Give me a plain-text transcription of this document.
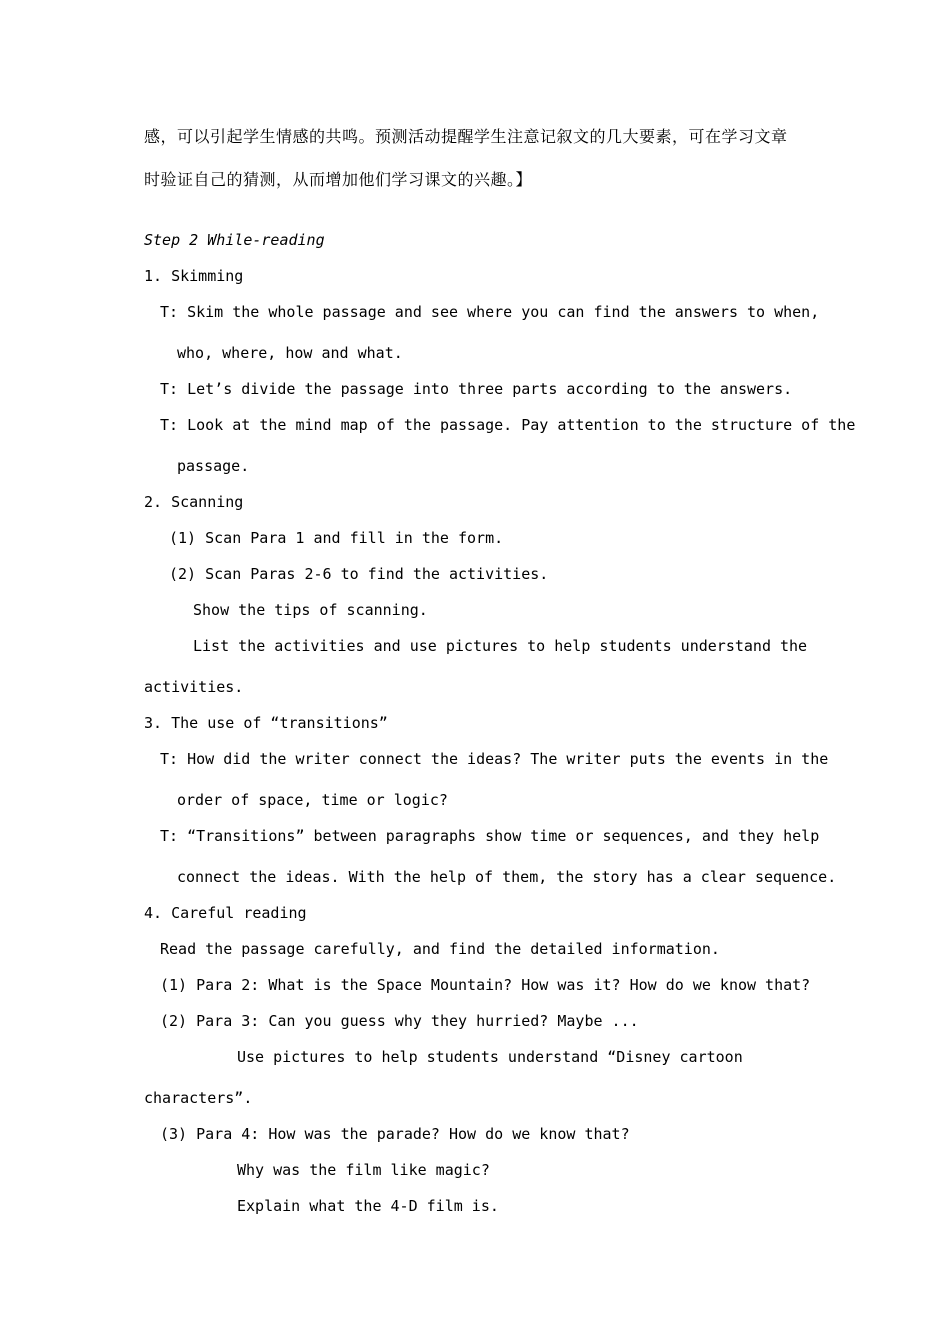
感，可以引起学生情感的共鸣。预测活动提醒学生注意记叙文的几大要素，可在学习文章
时验证自己的猜测，从而增加他们学习课文的兴趣。】
Step 2 While-reading
1. Skimming
T: Skim the whole passage and see where you can find the answers to when,
who, where, how and what.
T: Let’s divide the passage into three parts according to the answers.
T: Look at the mind map of the passage. Pay attention to the structure of the
passage.
2. Scanning
(1) Scan Para 1 and fill in the form.
(2) Scan Paras 2-6 to find the activities.
Show the tips of scanning.
List the activities and use pictures to help students understand the
activities.
3. The use of “transitions”
T: How did the writer connect the ideas? The writer puts the events in the
order of space, time or logic?
T: “Transitions” between paragraphs show time or sequences, and they help
connect the ideas. With the help of them, the story has a clear sequence.
4. Careful reading
Read the passage carefully, and find the detailed information.
(1) Para 2: What is the Space Mountain? How was it? How do we know that?
(2) Para 3: Can you guess why they hurried? Maybe ...
Use pictures to help students understand “Disney cartoon
characters”.
(3) Para 4: How was the parade? How do we know that?
Why was the film like magic?
Explain what the 4-D film is.
